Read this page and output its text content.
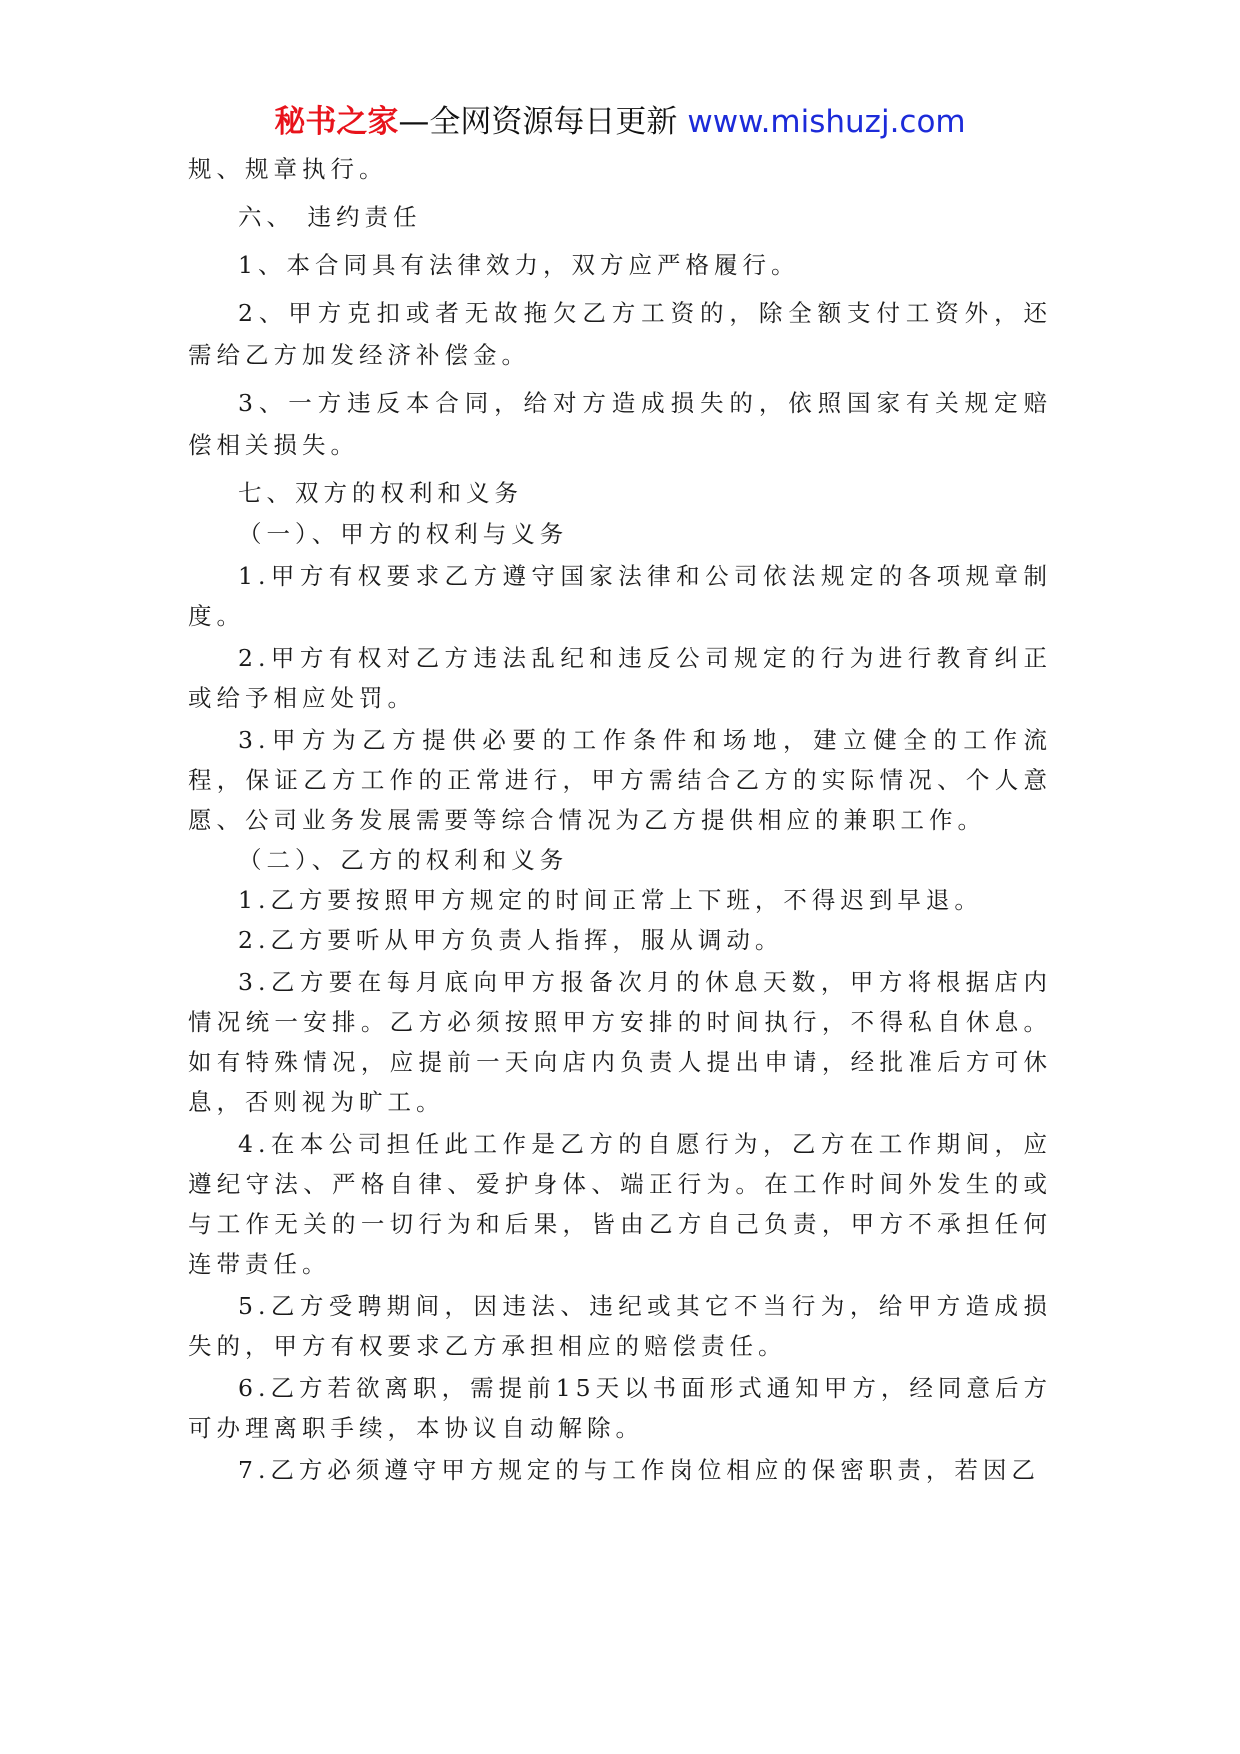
秘书之家—全网资源每日更新 www.mishuzj.com

规、规章执行。

六、 违约责任

1、本合同具有法律效力，双方应严格履行。

2、甲方克扣或者无故拖欠乙方工资的，除全额支付工资外，还需给乙方加发经济补偿金。

3、一方违反本合同，给对方造成损失的，依照国家有关规定赔偿相关损失。

七、双方的权利和义务

（一）、甲方的权利与义务

1.甲方有权要求乙方遵守国家法律和公司依法规定的各项规章制度。

2.甲方有权对乙方违法乱纪和违反公司规定的行为进行教育纠正或给予相应处罚。

3.甲方为乙方提供必要的工作条件和场地，建立健全的工作流程，保证乙方工作的正常进行，甲方需结合乙方的实际情况、个人意愿、公司业务发展需要等综合情况为乙方提供相应的兼职工作。

（二）、乙方的权利和义务

1.乙方要按照甲方规定的时间正常上下班，不得迟到早退。

2.乙方要听从甲方负责人指挥，服从调动。

3.乙方要在每月底向甲方报备次月的休息天数，甲方将根据店内情况统一安排。乙方必须按照甲方安排的时间执行，不得私自休息。如有特殊情况，应提前一天向店内负责人提出申请，经批准后方可休息，否则视为旷工。

4.在本公司担任此工作是乙方的自愿行为，乙方在工作期间，应遵纪守法、严格自律、爱护身体、端正行为。在工作时间外发生的或与工作无关的一切行为和后果，皆由乙方自己负责，甲方不承担任何连带责任。

5.乙方受聘期间，因违法、违纪或其它不当行为，给甲方造成损失的，甲方有权要求乙方承担相应的赔偿责任。

6.乙方若欲离职，需提前15天以书面形式通知甲方，经同意后方可办理离职手续，本协议自动解除。

7.乙方必须遵守甲方规定的与工作岗位相应的保密职责，若因乙
